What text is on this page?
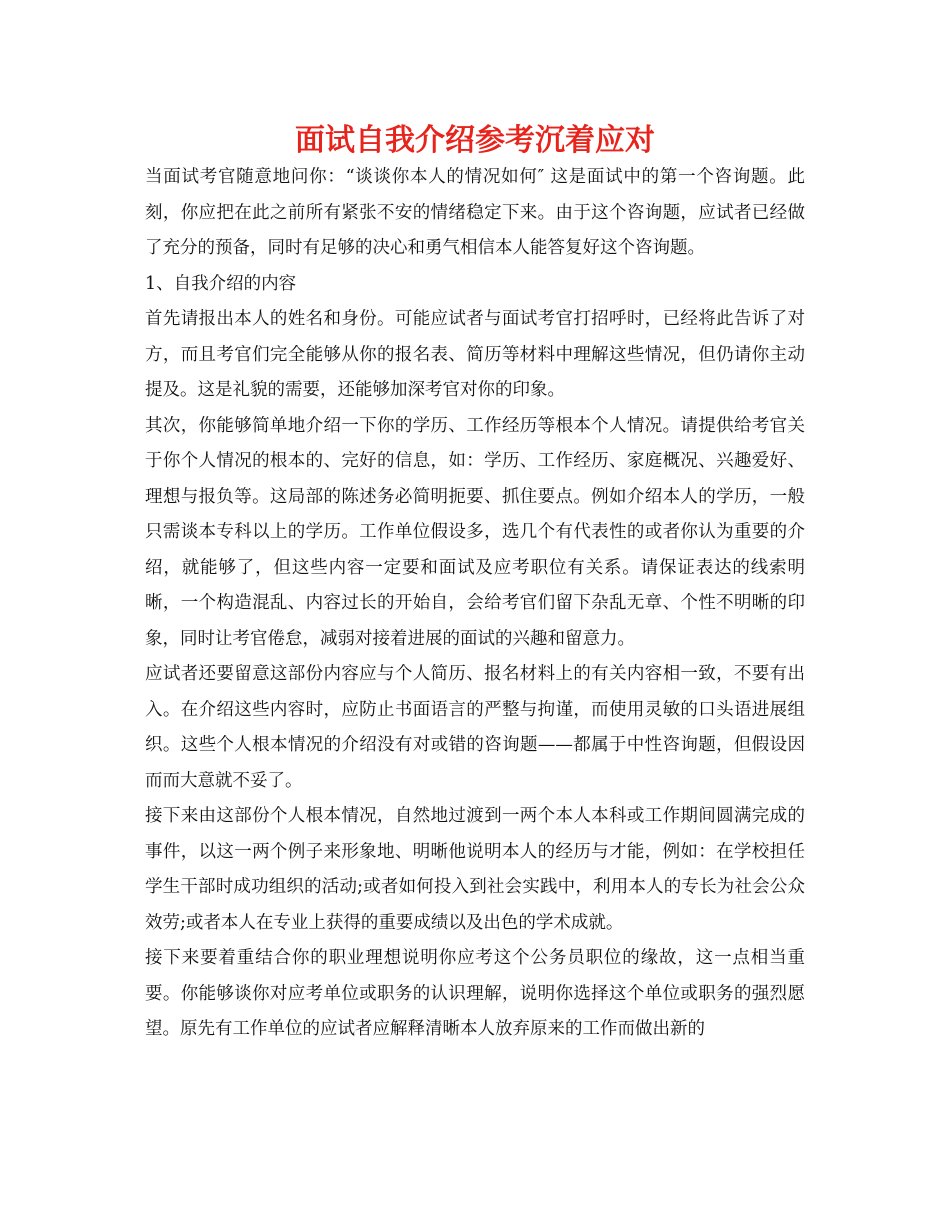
面试自我介绍参考沉着应对

当面试考官随意地问你：“谈谈你本人的情况如何″ 这是面试中的第一个咨询题。此刻，你应把在此之前所有紧张不安的情绪稳定下来。由于这个咨询题，应试者已经做了充分的预备，同时有足够的决心和勇气相信本人能答复好这个咨询题。

1、自我介绍的内容

首先请报出本人的姓名和身份。可能应试者与面试考官打招呼时，已经将此告诉了对方，而且考官们完全能够从你的报名表、简历等材料中理解这些情况，但仍请你主动提及。这是礼貌的需要，还能够加深考官对你的印象。

其次，你能够简单地介绍一下你的学历、工作经历等根本个人情况。请提供给考官关于你个人情况的根本的、完好的信息，如：学历、工作经历、家庭概况、兴趣爱好、理想与报负等。这局部的陈述务必简明扼要、抓住要点。例如介绍本人的学历，一般只需谈本专科以上的学历。工作单位假设多，选几个有代表性的或者你认为重要的介绍，就能够了，但这些内容一定要和面试及应考职位有关系。请保证表达的线索明晰，一个构造混乱、内容过长的开始自，会给考官们留下杂乱无章、个性不明晰的印象，同时让考官倦怠，减弱对接着进展的面试的兴趣和留意力。

应试者还要留意这部份内容应与个人简历、报名材料上的有关内容相一致，不要有出入。在介绍这些内容时，应防止书面语言的严整与拘谨，而使用灵敏的口头语进展组织。这些个人根本情况的介绍没有对或错的咨询题——都属于中性咨询题，但假设因而而大意就不妥了。

接下来由这部份个人根本情况，自然地过渡到一两个本人本科或工作期间圆满完成的事件，以这一两个例子来形象地、明晰他说明本人的经历与才能，例如：在学校担任学生干部时成功组织的活动;或者如何投入到社会实践中，利用本人的专长为社会公众效劳;或者本人在专业上获得的重要成绩以及出色的学术成就。

接下来要着重结合你的职业理想说明你应考这个公务员职位的缘故，这一点相当重要。你能够谈你对应考单位或职务的认识理解，说明你选择这个单位或职务的强烈愿望。原先有工作单位的应试者应解释清晰本人放弃原来的工作而做出新的
